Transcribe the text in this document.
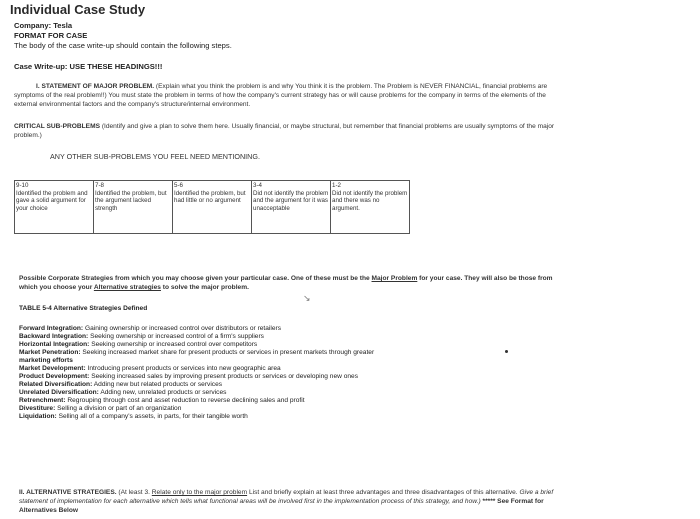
Individual Case Study
Company: Tesla
FORMAT FOR CASE
The body of the case write-up should contain the following steps.
Case Write-up: USE THESE HEADINGS!!!
I. STATEMENT OF MAJOR PROBLEM. (Explain what you think the problem is and why You think it is the problem. The Problem is NEVER FINANCIAL, financial problems are
symptoms of the real problem!!) You must state the problem in terms of how the company's current strategy has or will cause problems for the company in terms of the elements of the
external environmental factors and the company's structure/internal environment.
CRITICAL SUB-PROBLEMS (Identify and give a plan to solve them here. Usually financial, or maybe structural, but remember that financial problems are usually symptoms of the major
problem.)
ANY OTHER SUB-PROBLEMS YOU FEEL NEED MENTIONING.
9-10
Identified the problem and gave a solid argument for your choice

7-8
Identified the problem, but the argument lacked strength

5-6
Identified the problem, but had little or no argument

3-4
Did not identify the problem and the argument for it was unacceptable

1-2
Did not identify the problem and there was no argument.
Possible Corporate Strategies from which you may choose given your particular case. One of these must be the Major Problem for your case. They will also be those from
which you choose your Alternative strategies to solve the major problem.
↘
TABLE 5-4 Alternative Strategies Defined
Forward Integration: Gaining ownership or increased control over distributors or retailers
Backward Integration: Seeking ownership or increased control of a firm's suppliers
Horizontal Integration: Seeking ownership or increased control over competitors
Market Penetration: Seeking increased market share for present products or services in present markets through greater
marketing efforts
Market Development: Introducing present products or services into new geographic area
Product Development: Seeking increased sales by improving present products or services or developing new ones
Related Diversification: Adding new but related products or services
Unrelated Diversification: Adding new, unrelated products or services
Retrenchment: Regrouping through cost and asset reduction to reverse declining sales and profit
Divestiture: Selling a division or part of an organization
Liquidation: Selling all of a company's assets, in parts, for their tangible worth
II. ALTERNATIVE STRATEGIES. (At least 3. Relate only to the major problem List and briefly explain at least three advantages and three disadvantages of this alternative. Give a brief
statement of implementation for each alternative which tells what functional areas will be involved first in the implementation process of this strategy, and how.) ***** See Format for
Alternatives Below
